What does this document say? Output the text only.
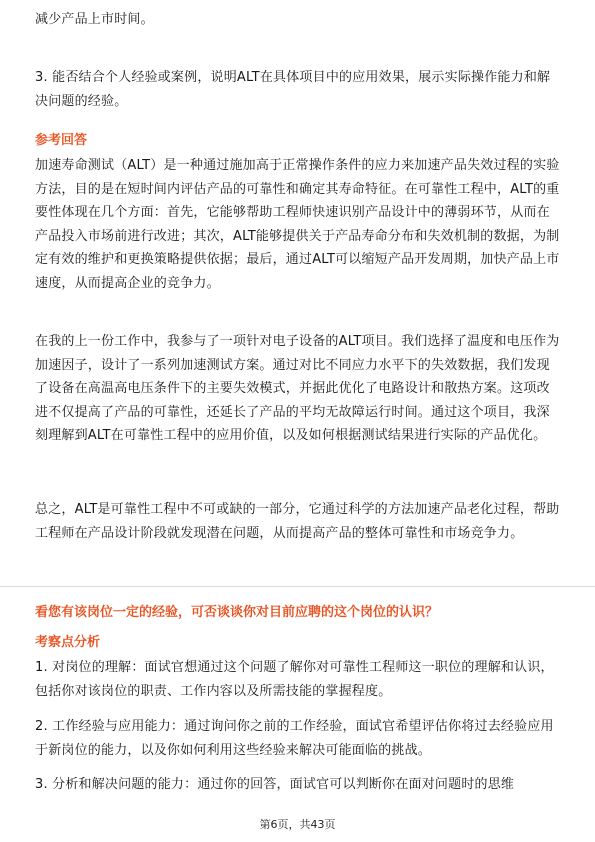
减少产品上市时间。

3. 能否结合个人经验或案例，说明ALT在具体项目中的应用效果，展示实际操作能力和解决问题的经验。

参考回答

加速寿命测试（ALT）是一种通过施加高于正常操作条件的应力来加速产品失效过程的实验方法，目的是在短时间内评估产品的可靠性和确定其寿命特征。在可靠性工程中，ALT的重要性体现在几个方面：首先，它能够帮助工程师快速识别产品设计中的薄弱环节，从而在产品投入市场前进行改进；其次，ALT能够提供关于产品寿命分布和失效机制的数据，为制定有效的维护和更换策略提供依据；最后，通过ALT可以缩短产品开发周期，加快产品上市速度，从而提高企业的竞争力。

在我的上一份工作中，我参与了一项针对电子设备的ALT项目。我们选择了温度和电压作为加速因子，设计了一系列加速测试方案。通过对比不同应力水平下的失效数据，我们发现了设备在高温高电压条件下的主要失效模式，并据此优化了电路设计和散热方案。这项改进不仅提高了产品的可靠性，还延长了产品的平均无故障运行时间。通过这个项目，我深刻理解到ALT在可靠性工程中的应用价值，以及如何根据测试结果进行实际的产品优化。

总之，ALT是可靠性工程中不可或缺的一部分，它通过科学的方法加速产品老化过程，帮助工程师在产品设计阶段就发现潜在问题，从而提高产品的整体可靠性和市场竞争力。

看您有该岗位一定的经验，可否谈谈你对目前应聘的这个岗位的认识？

考察点分析

1. 对岗位的理解：面试官想通过这个问题了解你对可靠性工程师这一职位的理解和认识，包括你对该岗位的职责、工作内容以及所需技能的掌握程度。

2. 工作经验与应用能力：通过询问你之前的工作经验，面试官希望评估你将过去经验应用于新岗位的能力，以及你如何利用这些经验来解决可能面临的挑战。

3. 分析和解决问题的能力：通过你的回答，面试官可以判断你在面对问题时的思维

第6页，共43页
